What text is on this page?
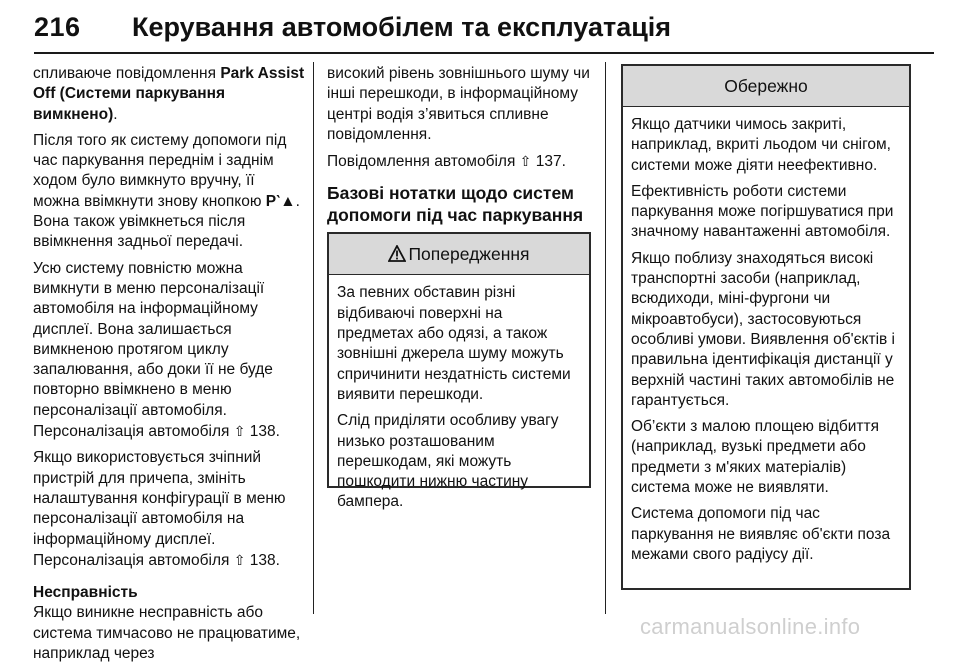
216 Керування автомобілем та експлуатація

спливаюче повідомлення Park Assist Off (Системи паркування вимкнено).

Після того як систему допомоги під час паркування переднім і заднім ходом було вимкнуто вручну, її можна ввімкнути знову кнопкою P‵▲. Вона також увімкнеться після ввімкнення задньої передачі.

Усю систему повністю можна вимкнути в меню персоналізації автомобіля на інформаційному дисплеї. Вона залишається вимкненою протягом циклу запалювання, або доки її не буде повторно ввімкнено в меню персоналізації автомобіля. Персоналізація автомобіля ⇧ 138.

Якщо використовується зчіпний пристрій для причепа, змініть налаштування конфігурації в меню персоналізації автомобіля на інформаційному дисплеї. Персоналізація автомобіля ⇧ 138.

Несправність

Якщо виникне несправність або система тимчасово не працюватиме, наприклад через

високий рівень зовнішнього шуму чи інші перешкоди, в інформаційному центрі водія з’явиться спливне повідомлення.

Повідомлення автомобіля ⇧ 137.

Базові нотатки щодо систем допомоги під час паркування
Попередження

За певних обставин різні відбиваючі поверхні на предметах або одязі, а також зовнішні джерела шуму можуть спричинити нездатність системи виявити перешкоди.

Слід приділяти особливу увагу низько розташованим перешкодам, які можуть пошкодити нижню частину бампера.

Обережно

Якщо датчики чимось закриті, наприклад, вкриті льодом чи снігом, системи може діяти неефективно.

Ефективність роботи системи паркування може погіршуватися при значному навантаженні автомобіля.

Якщо поблизу знаходяться високі транспортні засоби (наприклад, всюдиходи, міні-фургони чи мікроавтобуси), застосовуються особливі умови. Виявлення об'єктів і правильна ідентифікація дистанції у верхній частині таких автомобілів не гарантується.

Об’єкти з малою площею відбиття (наприклад, вузькі предмети або предмети з м'яких матеріалів) система може не виявляти.

Система допомоги під час паркування не виявляє об'єкти поза межами свого радіусу дії.

carmanualsonline.info
